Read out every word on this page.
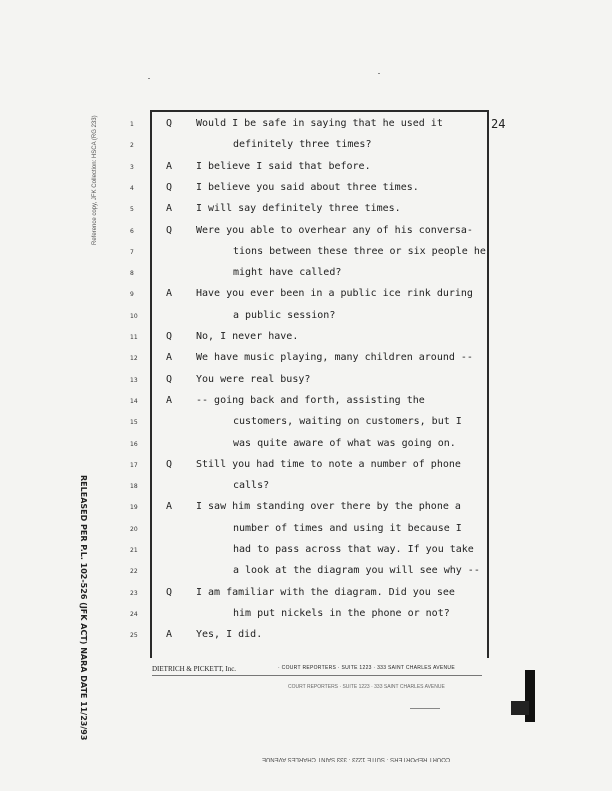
24
1	Q Would I be safe in saying that he used it
2	definitely three times?
3	A I believe I said that before.
4	Q I believe you said about three times.
5	A I will say definitely three times.
6	Q Were you able to overhear any of his conversa-
7	tions between these three or six people he
8	might have called?
9	A Have you ever been in a public ice rink during
10	a public session?
11	Q No, I never have.
12	A We have music playing, many children around --
13	Q You were real busy?
14	A -- going back and forth, assisting the
15	customers, waiting on customers, but I
16	was quite aware of what was going on.
17	Q Still you had time to note a number of phone
18	calls?
19	A I saw him standing over there by the phone a
20	number of times and using it because I
21	had to pass across that way. If you take
22	a look at the diagram you will see why --
23	Q I am familiar with the diagram. Did you see
24	him put nickels in the phone or not?
25	A Yes, I did.
DIETRICH & PICKETT, Inc.	· COURT REPORTERS · SUITE 1223 · 333 SAINT CHARLES AVENUE
COURT REPORTERS · SUITE 1223 · 333 SAINT CHARLES AVENUE
COURT REPORTERS · SUITE 1223 · 333 SAINT CHARLES AVENUE
Reference copy, JFK Collection: HSCA (RG 233)
RELEASED PER P.L. 102-526 (JFK ACT) NARA DATE 11/23/93
